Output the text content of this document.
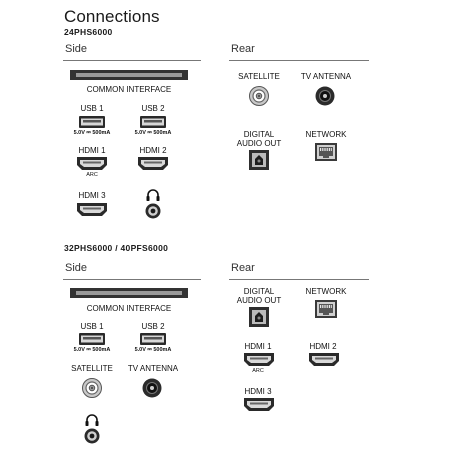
Connections
24PHS6000
Side	Rear
COMMON INTERFACE
USB 1
5.0V ⎓ 500mA
USB 2
5.0V ⎓ 500mA
HDMI 1
ARC
HDMI 2
HDMI 3
SATELLITE	TV ANTENNA
DIGITAL
AUDIO OUT
NETWORK
32PHS6000 / 40PFS6000
Side	Rear
COMMON INTERFACE
USB 1
5.0V ⎓ 500mA
USB 2
5.0V ⎓ 500mA
SATELLITE	TV ANTENNA
DIGITAL
AUDIO OUT
NETWORK
HDMI 1
ARC
HDMI 2
HDMI 3
